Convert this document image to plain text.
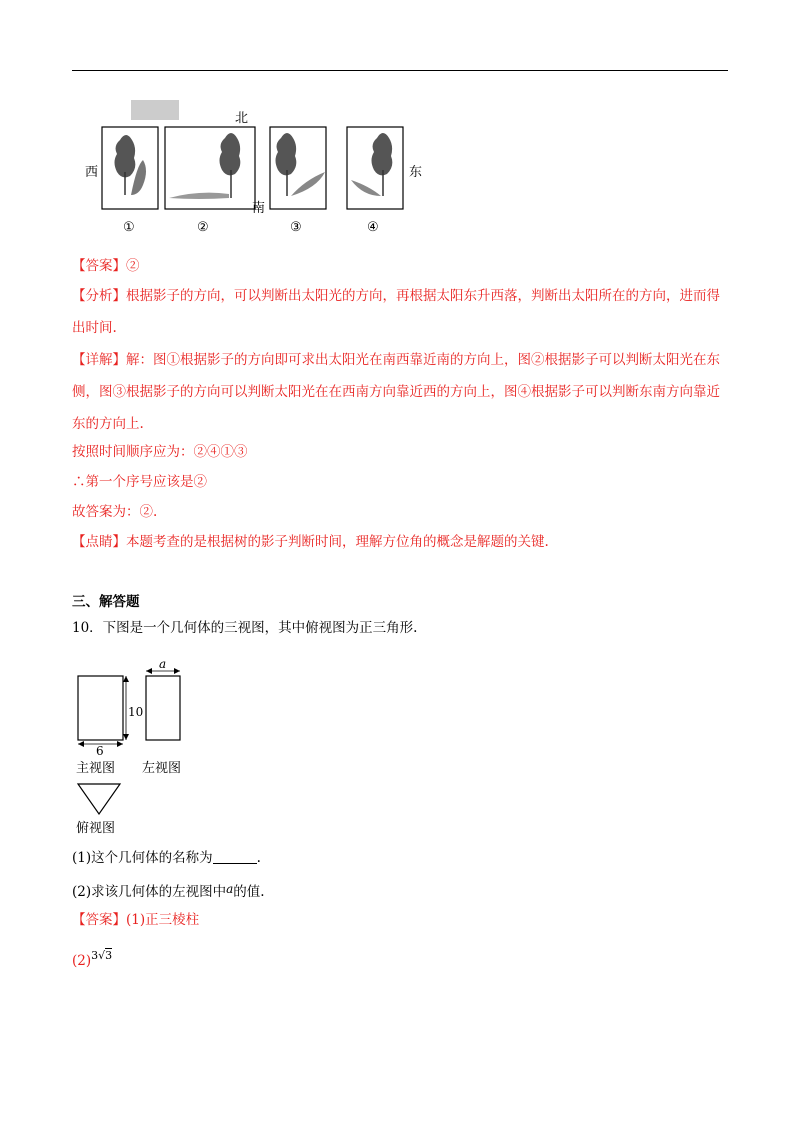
北
西	东
南
①	②	③	④
【答案】②
【分析】根据影子的方向，可以判断出太阳光的方向，再根据太阳东升西落，判断出太阳所在的方向，进而得出时间.
【详解】解：图①根据影子的方向即可求出太阳光在南西靠近南的方向上，图②根据影子可以判断太阳光在东侧，图③根据影子的方向可以判断太阳光在在西南方向靠近西的方向上，图④根据影子可以判断东南方向靠近东的方向上.
按照时间顺序应为：②④①③
∴第一个序号应该是②
故答案为：②.
【点睛】本题考查的是根据树的影子判断时间，理解方位角的概念是解题的关键.
三、解答题
10．下图是一个几何体的三视图，其中俯视图为正三角形.
10
6
a
主视图 左视图
俯视图
(1)这个几何体的名称为	.
(2)求该几何体的左视图中a的值.
【答案】(1)正三棱柱
$(2)^{3√3}$
